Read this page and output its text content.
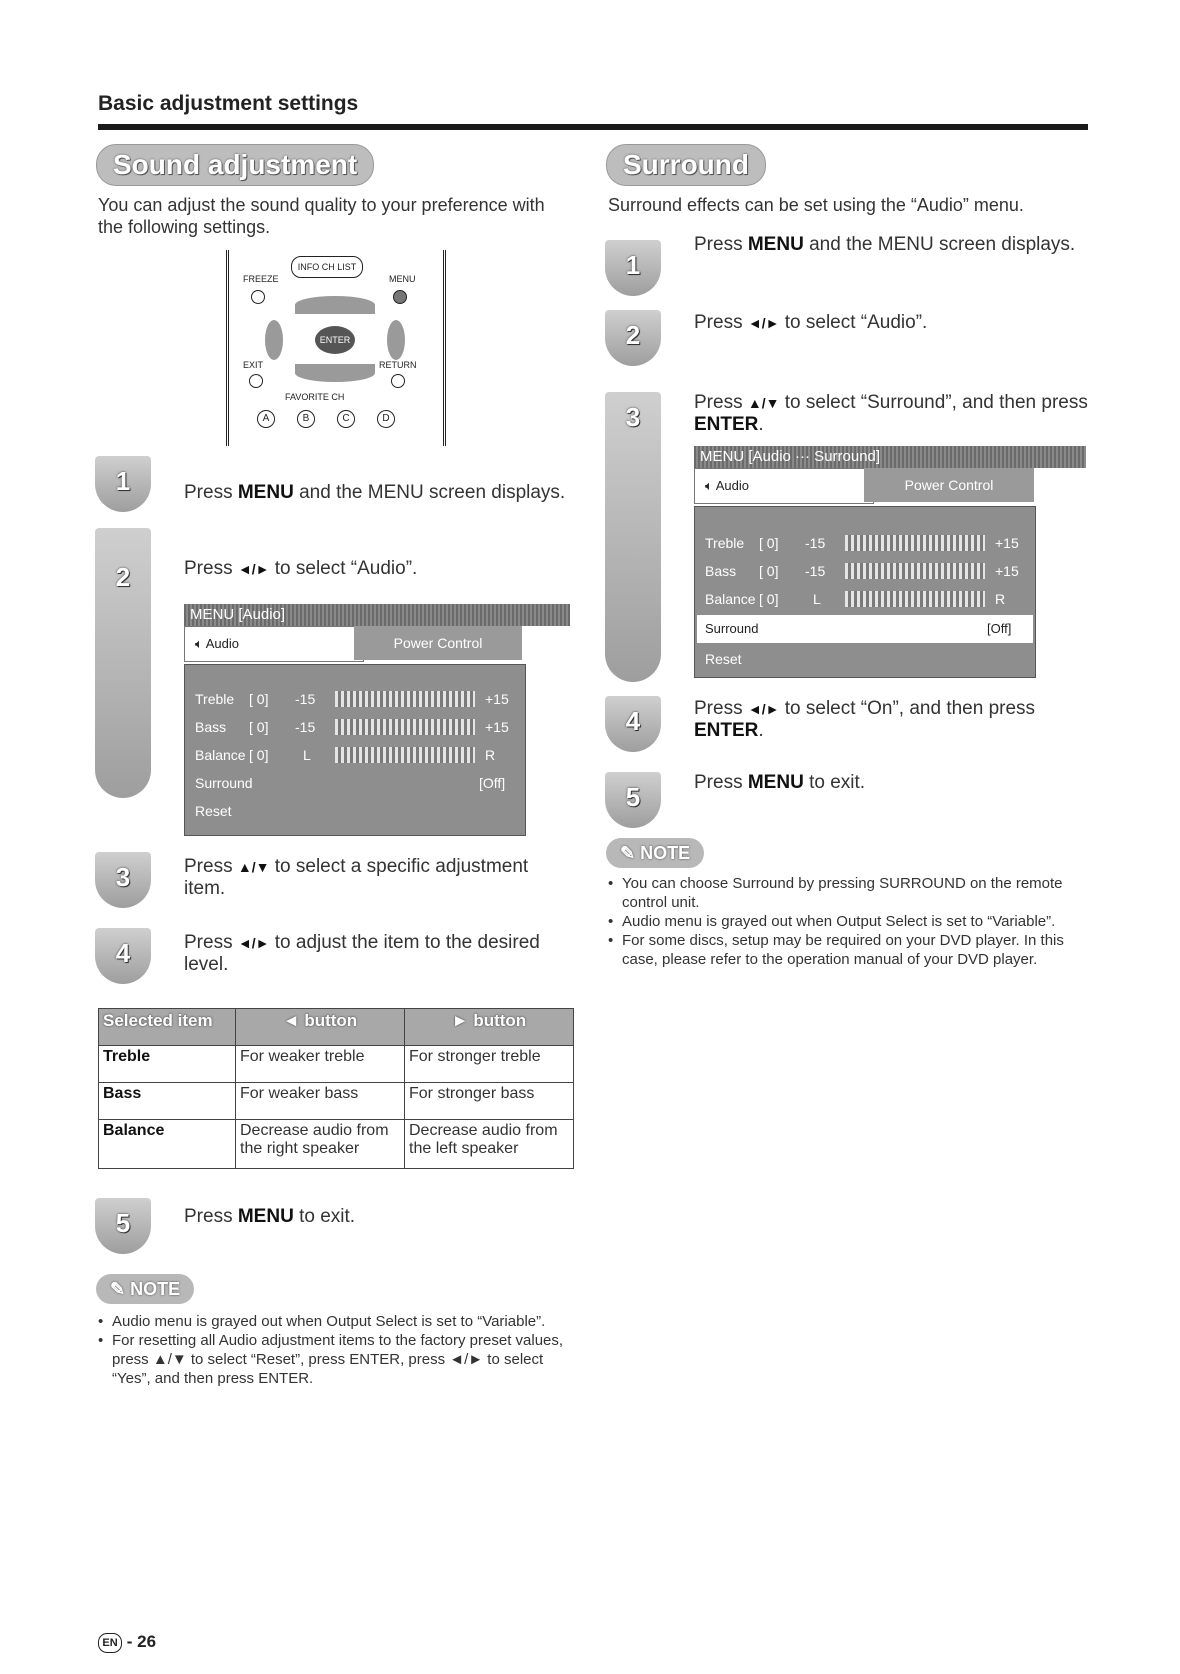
Basic adjustment settings
Sound adjustment
You can adjust the sound quality to your preference with the following settings.
FREEZE
INFO CH LIST
MENU
ENTER
EXIT	RETURN
FAVORITE CH
A	B	C	D
1	Press MENU and the MENU screen displays.
2	Press ◄/► to select “Audio”.
MENU [Audio]
🔈︎ Audio	Power Control
Treble [ 0] -15	+15
Bass [ 0] -15	+15
Balance [ 0] L	R
Surround	[Off]
Reset
3	Press ▲/▼ to select a specific adjustment item.
4	Press ◄/► to adjust the item to the desired level.
Selected item	◄ button	► button
Treble	For weaker treble	For stronger treble
Bass	For weaker bass	For stronger bass
Balance	Decrease audio from the right speaker	Decrease audio from the left speaker
5	Press MENU to exit.
✎ NOTE
• Audio menu is grayed out when Output Select is set to “Variable”.
• For resetting all Audio adjustment items to the factory preset values, press ▲/▼ to select “Reset”, press ENTER, press ◄/► to select “Yes”, and then press ENTER.
Surround
Surround effects can be set using the “Audio” menu.
1
Press MENU and the MENU screen displays.
2	Press ◄/► to select “Audio”.
3	Press ▲/▼ to select “Surround”, and then press ENTER.
MENU [Audio ··· Surround]
🔈︎ Audio	Power Control
Treble [ 0] -15	+15
Bass [ 0] -15	+15
Balance [ 0] L	R
Surround	[Off]
Reset
4	Press ◄/► to select “On”, and then press ENTER.
5	Press MENU to exit.
✎ NOTE
• You can choose Surround by pressing SURROUND on the remote control unit.
• Audio menu is grayed out when Output Select is set to “Variable”.
• For some discs, setup may be required on your DVD player. In this case, please refer to the operation manual of your DVD player.
EN - 26
